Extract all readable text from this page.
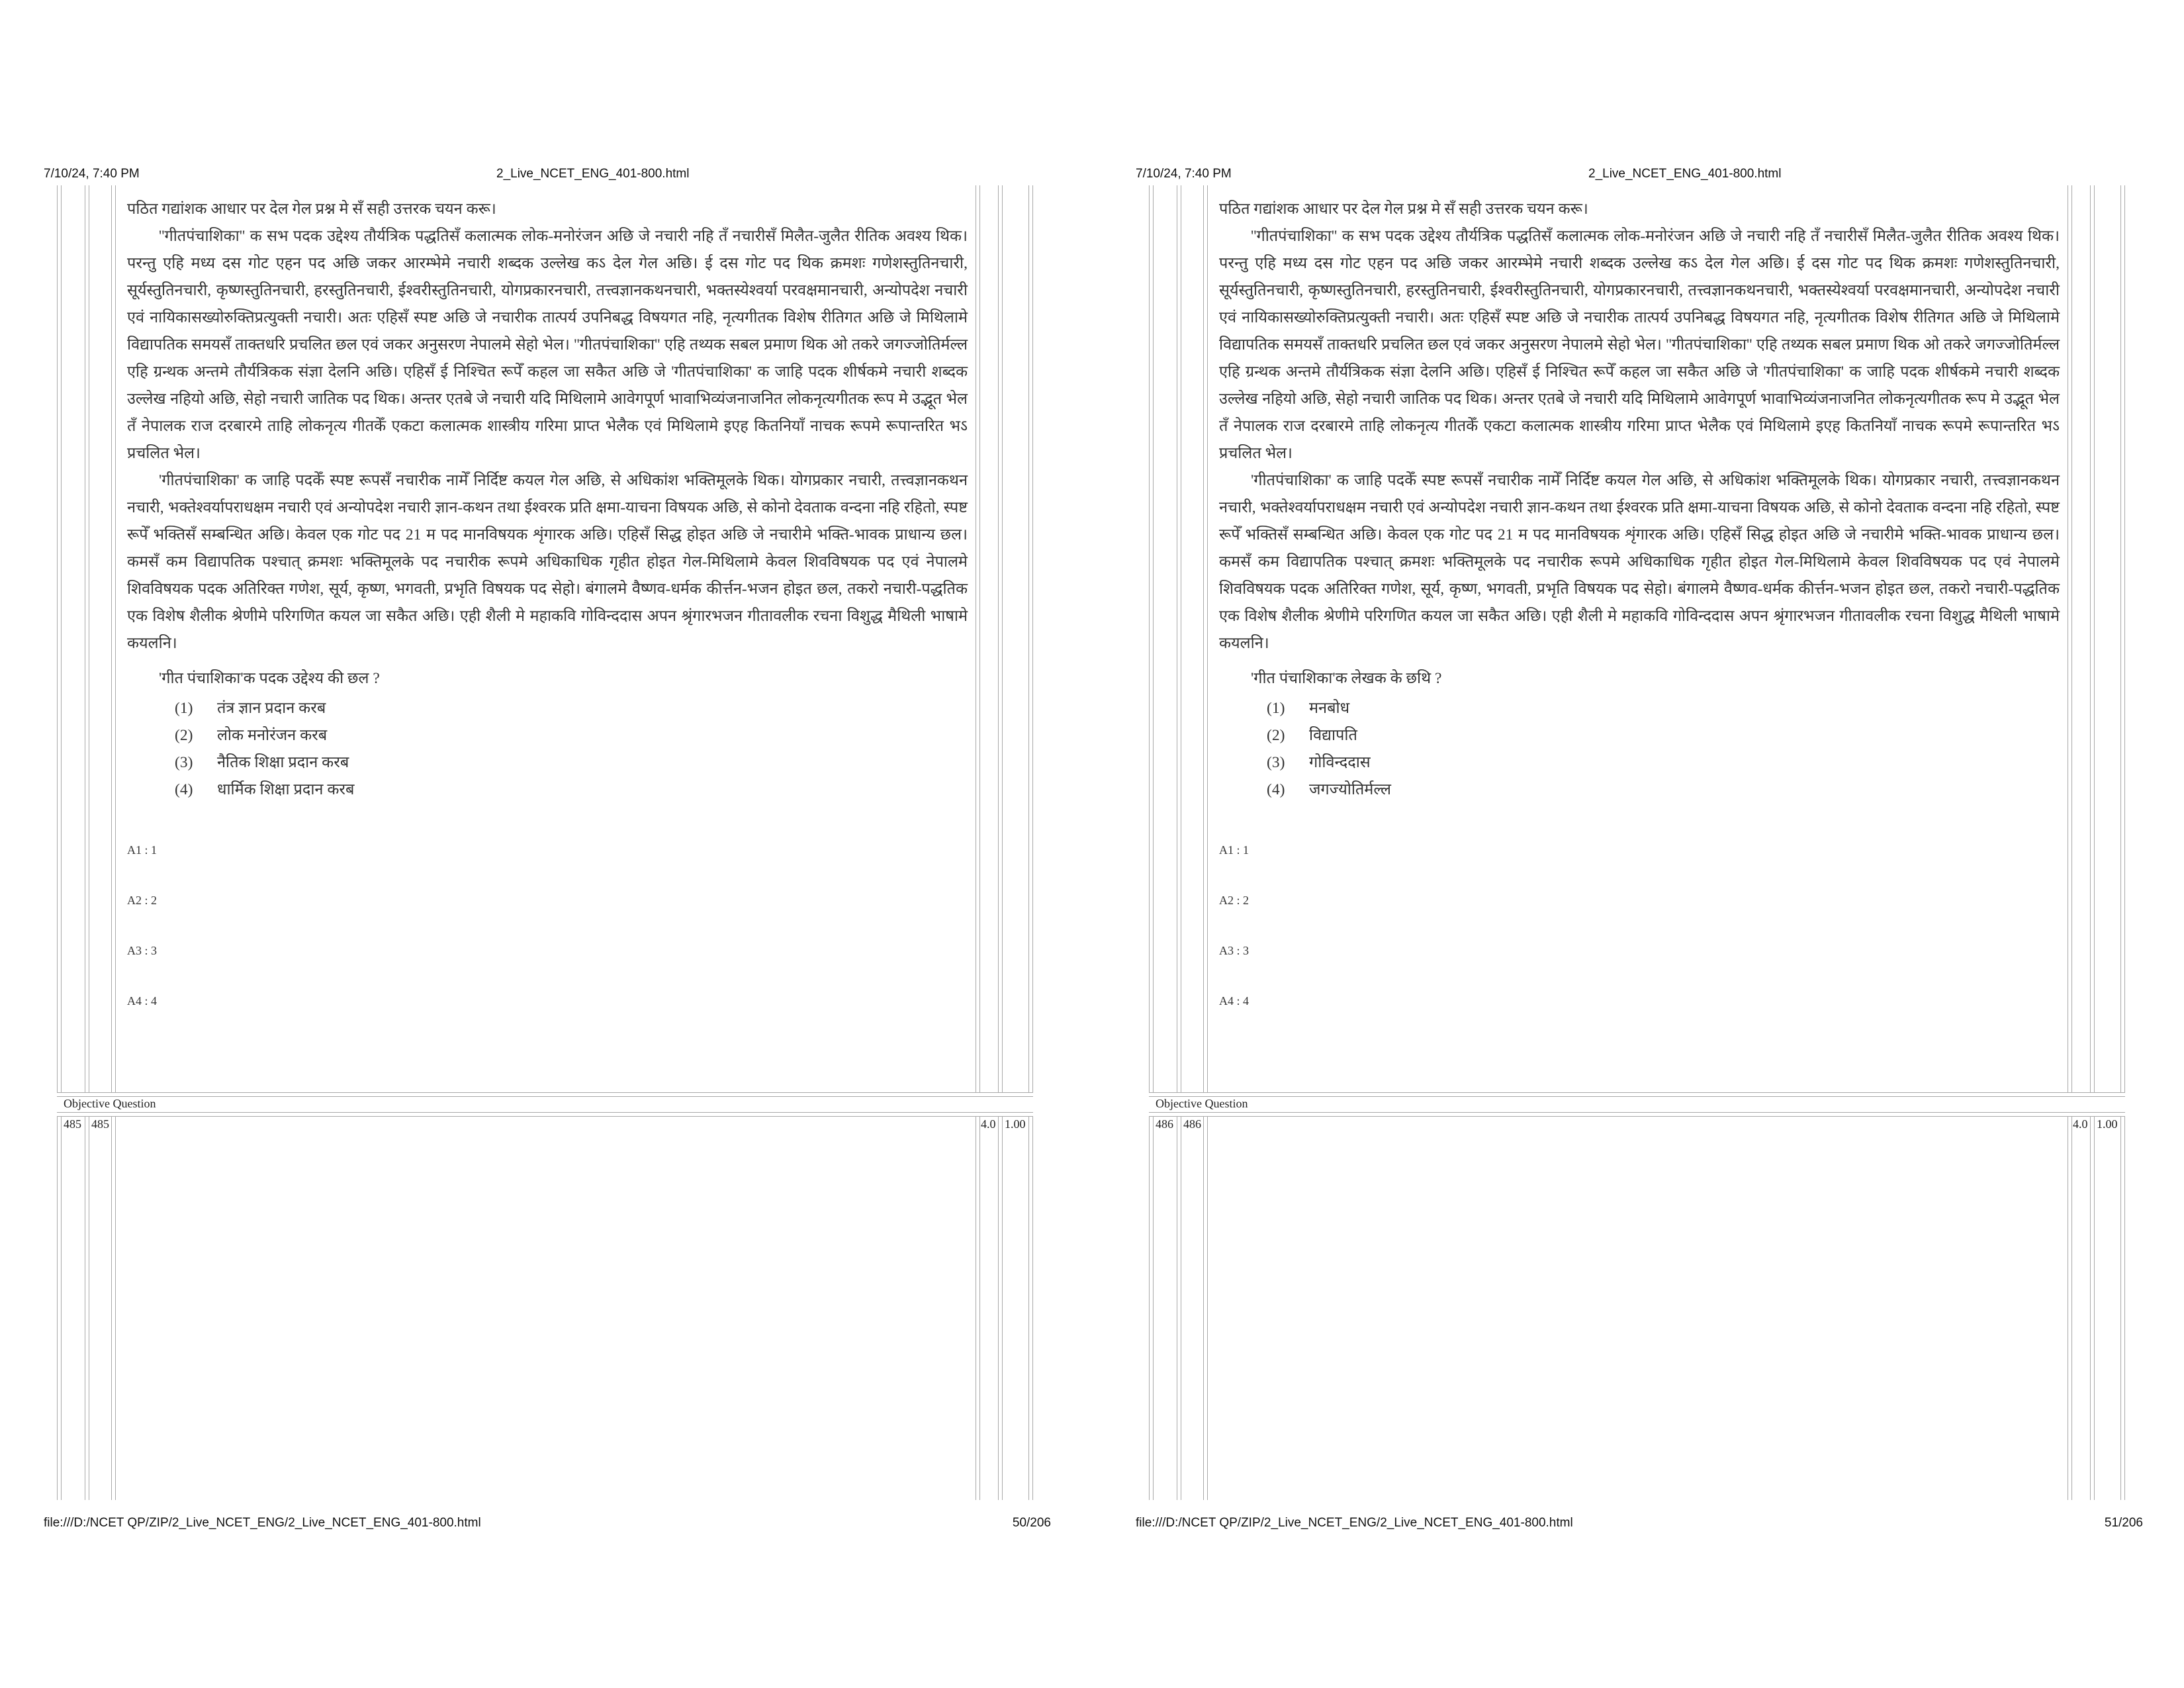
7/10/24, 7:40 PM	2_Live_NCET_ENG_401-800.html

पठित गद्यांशक आधार पर देल गेल प्रश्न मे सँ सही उत्तरक चयन करू।

''गीतपंचाशिका'' क सभ पदक उद्देश्य तौर्यत्रिक पद्धतिसँ कलात्मक लोक-मनोरंजन अछि जे नचारी नहि तँ नचारीसँ मिलैत-जुलैत रीतिक अवश्य थिक। परन्तु एहि मध्य दस गोट एहन पद अछि जकर आरम्भेमे नचारी शब्दक उल्लेख कऽ देल गेल अछि। ई दस गोट पद थिक क्रमशः गणेशस्तुतिनचारी, सूर्यस्तुतिनचारी, कृष्णस्तुतिनचारी, हरस्तुतिनचारी, ईश्वरीस्तुतिनचारी, योगप्रकारनचारी, तत्त्वज्ञानकथनचारी, भक्तस्येश्वर्या परवक्षमानचारी, अन्योपदेश नचारी एवं नायिकासख्योरुक्तिप्रत्युक्ती नचारी। अतः एहिसँ स्पष्ट अछि जे नचारीक तात्पर्य उपनिबद्ध विषयगत नहि, नृत्यगीतक विशेष रीतिगत अछि जे मिथिलामे विद्यापतिक समयसँ ताक्तधरि प्रचलित छल एवं जकर अनुसरण नेपालमे सेहो भेल। ''गीतपंचाशिका'' एहि तथ्यक सबल प्रमाण थिक ओ तकरे जगज्जोतिर्मल्ल एहि ग्रन्थक अन्तमे तौर्यत्रिकक संज्ञा देलनि अछि। एहिसँ ई निश्चित रूपेँ कहल जा सकैत अछि जे 'गीतपंचाशिका' क जाहि पदक शीर्षकमे नचारी शब्दक उल्लेख नहियो अछि, सेहो नचारी जातिक पद थिक। अन्तर एतबे जे नचारी यदि मिथिलामे आवेगपूर्ण भावाभिव्यंजनाजनित लोकनृत्यगीतक रूप मे उद्भूत भेल तँ नेपालक राज दरबारमे ताहि लोकनृत्य गीतकेँ एकटा कलात्मक शास्त्रीय गरिमा प्राप्त भेलैक एवं मिथिलामे इएह कितनियाँ नाचक रूपमे रूपान्तरित भऽ प्रचलित भेल।

'गीतपंचाशिका' क जाहि पदकेँ स्पष्ट रूपसँ नचारीक नामेँ निर्दिष्ट कयल गेल अछि, से अधिकांश भक्तिमूलके थिक। योगप्रकार नचारी, तत्त्वज्ञानकथन नचारी, भक्तेश्वर्यापराधक्षम नचारी एवं अन्योपदेश नचारी ज्ञान-कथन तथा ईश्वरक प्रति क्षमा-याचना विषयक अछि, से कोनो देवताक वन्दना नहि रहितो, स्पष्ट रूपेँ भक्तिसँ सम्बन्धित अछि। केवल एक गोट पद 21 म पद मानविषयक शृंगारक अछि। एहिसँ सिद्ध होइत अछि जे नचारीमे भक्ति-भावक प्राधान्य छल। कमसँ कम विद्यापतिक पश्चात् क्रमशः भक्तिमूलके पद नचारीक रूपमे अधिकाधिक गृहीत होइत गेल-मिथिलामे केवल शिवविषयक पद एवं नेपालमे शिवविषयक पदक अतिरिक्त गणेश, सूर्य, कृष्ण, भगवती, प्रभृति विषयक पद सेहो। बंगालमे वैष्णव-धर्मक कीर्त्तन-भजन होइत छल, तकरो नचारी-पद्धतिक एक विशेष शैलीक श्रेणीमे परिगणित कयल जा सकैत अछि। एही शैली मे महाकवि गोविन्ददास अपन श्रृंगारभजन गीतावलीक रचना विशुद्ध मैथिली भाषामे कयलनि।

'गीत पंचाशिका'क पदक उद्देश्य की छल ?

(1)	तंत्र ज्ञान प्रदान करब
(2)	लोक मनोरंजन करब
(3)	नैतिक शिक्षा प्रदान करब
(4)	धार्मिक शिक्षा प्रदान करब
A1 : 1
A2 : 2
A3 : 3
A4 : 4
Objective Question
485 485	4.0 1.00
file:///D:/NCET QP/ZIP/2_Live_NCET_ENG/2_Live_NCET_ENG_401-800.html	50/206
7/10/24, 7:40 PM	2_Live_NCET_ENG_401-800.html

पठित गद्यांशक आधार पर देल गेल प्रश्न मे सँ सही उत्तरक चयन करू।

''गीतपंचाशिका'' क सभ पदक उद्देश्य तौर्यत्रिक पद्धतिसँ कलात्मक लोक-मनोरंजन अछि जे नचारी नहि तँ नचारीसँ मिलैत-जुलैत रीतिक अवश्य थिक। परन्तु एहि मध्य दस गोट एहन पद अछि जकर आरम्भेमे नचारी शब्दक उल्लेख कऽ देल गेल अछि। ई दस गोट पद थिक क्रमशः गणेशस्तुतिनचारी, सूर्यस्तुतिनचारी, कृष्णस्तुतिनचारी, हरस्तुतिनचारी, ईश्वरीस्तुतिनचारी, योगप्रकारनचारी, तत्त्वज्ञानकथनचारी, भक्तस्येश्वर्या परवक्षमानचारी, अन्योपदेश नचारी एवं नायिकासख्योरुक्तिप्रत्युक्ती नचारी। अतः एहिसँ स्पष्ट अछि जे नचारीक तात्पर्य उपनिबद्ध विषयगत नहि, नृत्यगीतक विशेष रीतिगत अछि जे मिथिलामे विद्यापतिक समयसँ ताक्तधरि प्रचलित छल एवं जकर अनुसरण नेपालमे सेहो भेल। ''गीतपंचाशिका'' एहि तथ्यक सबल प्रमाण थिक ओ तकरे जगज्जोतिर्मल्ल एहि ग्रन्थक अन्तमे तौर्यत्रिकक संज्ञा देलनि अछि। एहिसँ ई निश्चित रूपेँ कहल जा सकैत अछि जे 'गीतपंचाशिका' क जाहि पदक शीर्षकमे नचारी शब्दक उल्लेख नहियो अछि, सेहो नचारी जातिक पद थिक। अन्तर एतबे जे नचारी यदि मिथिलामे आवेगपूर्ण भावाभिव्यंजनाजनित लोकनृत्यगीतक रूप मे उद्भूत भेल तँ नेपालक राज दरबारमे ताहि लोकनृत्य गीतकेँ एकटा कलात्मक शास्त्रीय गरिमा प्राप्त भेलैक एवं मिथिलामे इएह कितनियाँ नाचक रूपमे रूपान्तरित भऽ प्रचलित भेल।

'गीतपंचाशिका' क जाहि पदकेँ स्पष्ट रूपसँ नचारीक नामेँ निर्दिष्ट कयल गेल अछि, से अधिकांश भक्तिमूलके थिक। योगप्रकार नचारी, तत्त्वज्ञानकथन नचारी, भक्तेश्वर्यापराधक्षम नचारी एवं अन्योपदेश नचारी ज्ञान-कथन तथा ईश्वरक प्रति क्षमा-याचना विषयक अछि, से कोनो देवताक वन्दना नहि रहितो, स्पष्ट रूपेँ भक्तिसँ सम्बन्धित अछि। केवल एक गोट पद 21 म पद मानविषयक शृंगारक अछि। एहिसँ सिद्ध होइत अछि जे नचारीमे भक्ति-भावक प्राधान्य छल। कमसँ कम विद्यापतिक पश्चात् क्रमशः भक्तिमूलके पद नचारीक रूपमे अधिकाधिक गृहीत होइत गेल-मिथिलामे केवल शिवविषयक पद एवं नेपालमे शिवविषयक पदक अतिरिक्त गणेश, सूर्य, कृष्ण, भगवती, प्रभृति विषयक पद सेहो। बंगालमे वैष्णव-धर्मक कीर्त्तन-भजन होइत छल, तकरो नचारी-पद्धतिक एक विशेष शैलीक श्रेणीमे परिगणित कयल जा सकैत अछि। एही शैली मे महाकवि गोविन्ददास अपन श्रृंगारभजन गीतावलीक रचना विशुद्ध मैथिली भाषामे कयलनि।

'गीत पंचाशिका'क लेखक के छथि ?

(1)	मनबोध
(2)	विद्यापति
(3)	गोविन्ददास
(4)	जगज्योतिर्मल्ल
A1 : 1
A2 : 2
A3 : 3
A4 : 4
Objective Question
486 486	4.0 1.00
file:///D:/NCET QP/ZIP/2_Live_NCET_ENG/2_Live_NCET_ENG_401-800.html	51/206
